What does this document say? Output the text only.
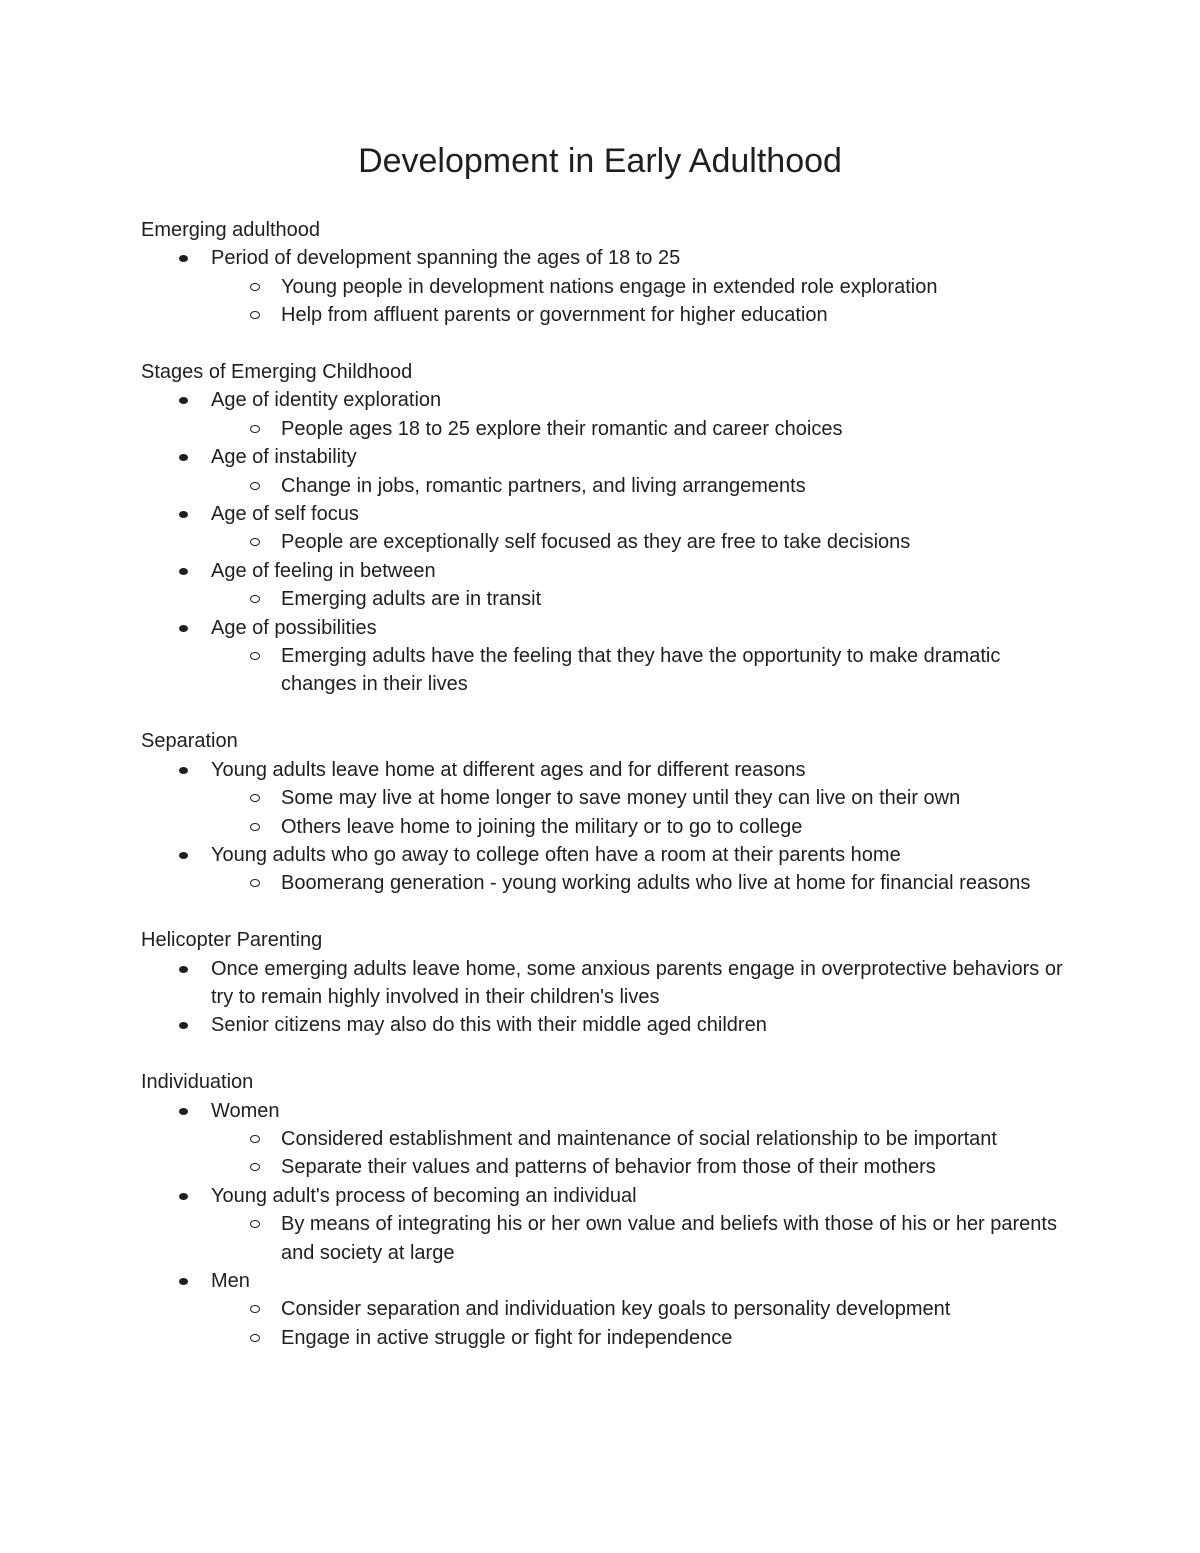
Development in Early Adulthood

Emerging adulthood

Period of development spanning the ages of 18 to 25
Young people in development nations engage in extended role exploration
Help from affluent parents or government for higher education

Stages of Emerging Childhood

Age of identity exploration
People ages 18 to 25 explore their romantic and career choices
Age of instability
Change in jobs, romantic partners, and living arrangements
Age of self focus
People are exceptionally self focused as they are free to take decisions
Age of feeling in between
Emerging adults are in transit
Age of possibilities
Emerging adults have the feeling that they have the opportunity to make dramatic changes in their lives

Separation

Young adults leave home at different ages and for different reasons
Some may live at home longer to save money until they can live on their own
Others leave home to joining the military or to go to college
Young adults who go away to college often have a room at their parents home
Boomerang generation - young working adults who live at home for financial reasons

Helicopter Parenting

Once emerging adults leave home, some anxious parents engage in overprotective behaviors or try to remain highly involved in their children's lives
Senior citizens may also do this with their middle aged children

Individuation

Women
Considered establishment and maintenance of social relationship to be important
Separate their values and patterns of behavior from those of their mothers
Young adult's process of becoming an individual
By means of integrating his or her own value and beliefs with those of his or her parents and society at large
Men
Consider separation and individuation key goals to personality development
Engage in active struggle or fight for independence
